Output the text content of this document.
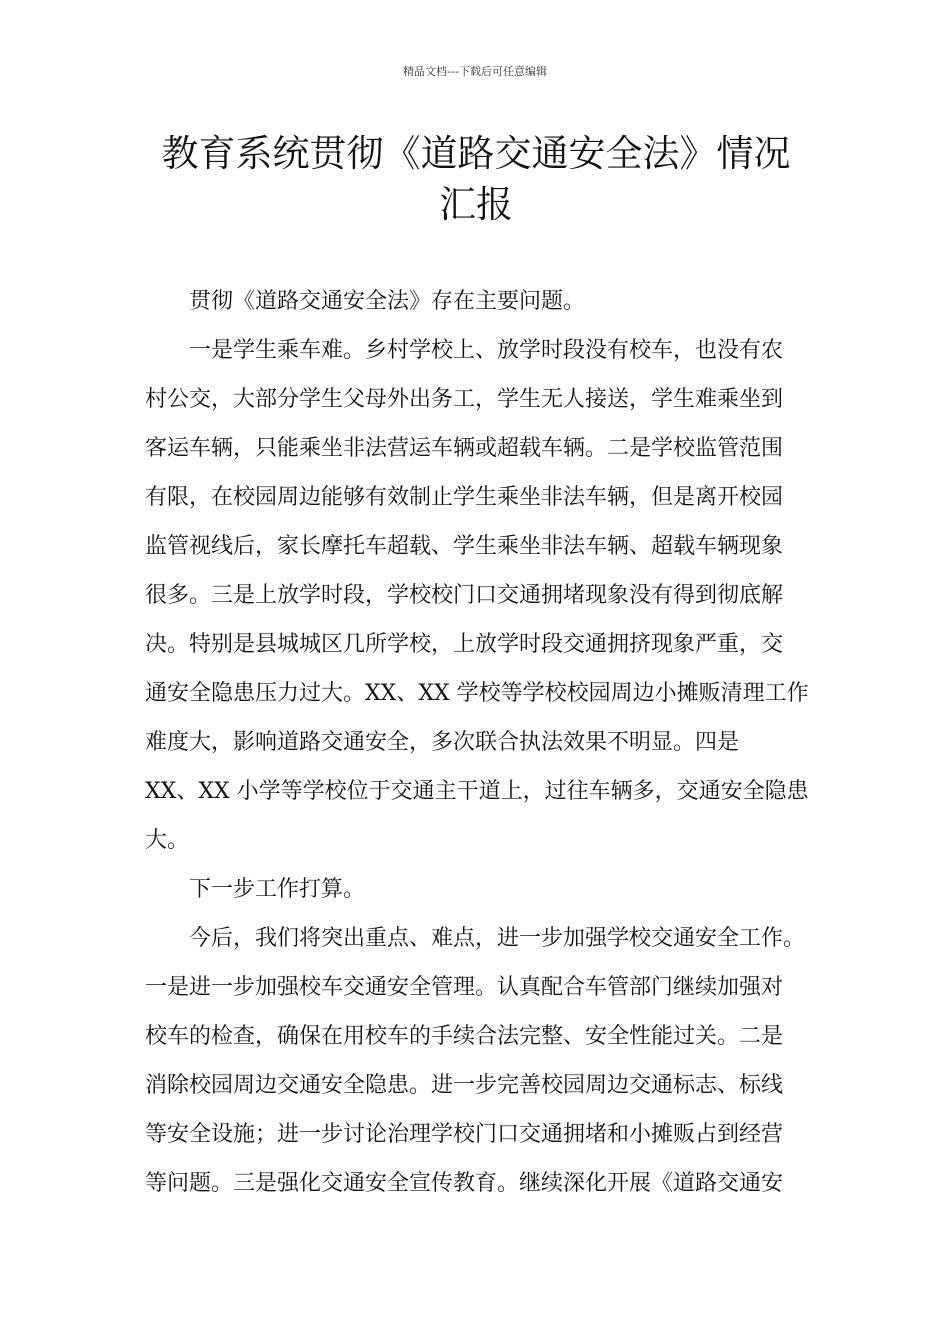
精品文档---下载后可任意编辑
教育系统贯彻《道路交通安全法》情况
汇报

贯彻《道路交通安全法》存在主要问题。

一是学生乘车难。乡村学校上、放学时段没有校车，也没有农
村公交，大部分学生父母外出务工，学生无人接送，学生难乘坐到
客运车辆，只能乘坐非法营运车辆或超载车辆。二是学校监管范围
有限，在校园周边能够有效制止学生乘坐非法车辆，但是离开校园
监管视线后，家长摩托车超载、学生乘坐非法车辆、超载车辆现象
很多。三是上放学时段，学校校门口交通拥堵现象没有得到彻底解
决。特别是县城城区几所学校，上放学时段交通拥挤现象严重，交
通安全隐患压力过大。XX、XX 学校等学校校园周边小摊贩清理工作
难度大，影响道路交通安全，多次联合执法效果不明显。四是
XX、XX 小学等学校位于交通主干道上，过往车辆多，交通安全隐患
大。

下一步工作打算。

今后，我们将突出重点、难点，进一步加强学校交通安全工作。
一是进一步加强校车交通安全管理。认真配合车管部门继续加强对
校车的检查，确保在用校车的手续合法完整、安全性能过关。二是
消除校园周边交通安全隐患。进一步完善校园周边交通标志、标线
等安全设施；进一步讨论治理学校门口交通拥堵和小摊贩占到经营
等问题。三是强化交通安全宣传教育。继续深化开展《道路交通安
